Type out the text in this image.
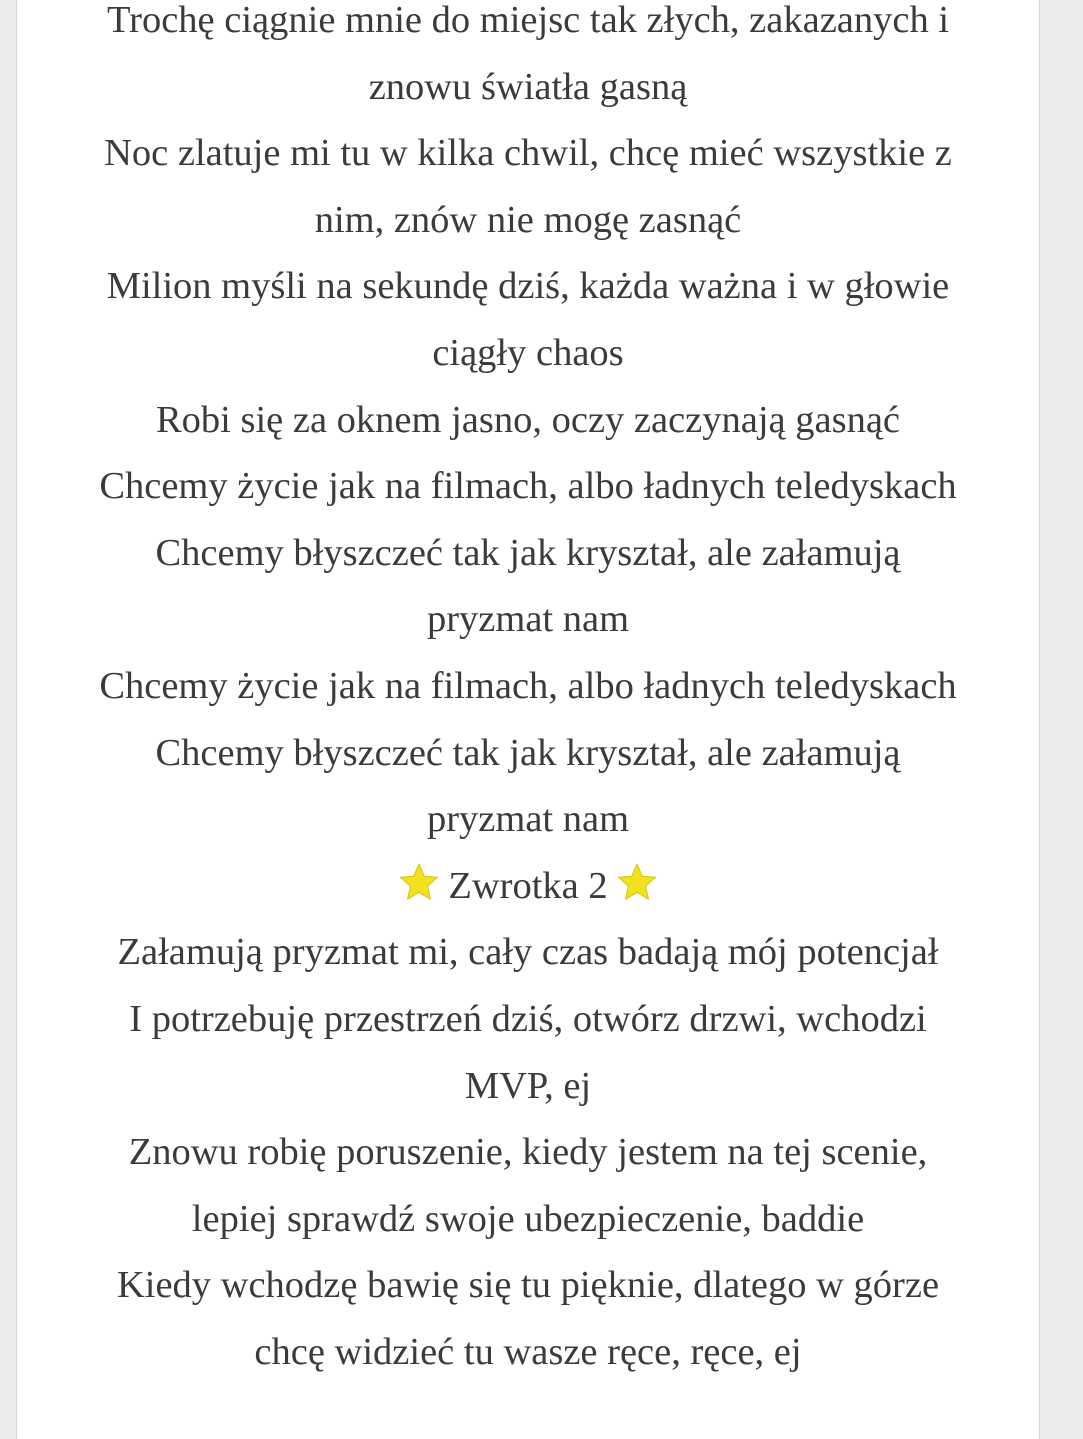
Trochę ciągnie mnie do miejsc tak złych, zakazanych i
znowu światła gasną
Noc zlatuje mi tu w kilka chwil, chcę mieć wszystkie z
nim, znów nie mogę zasnąć
Milion myśli na sekundę dziś, każda ważna i w głowie
ciągły chaos
Robi się za oknem jasno, oczy zaczynają gasnąć
Chcemy życie jak na filmach, albo ładnych teledyskach
Chcemy błyszczeć tak jak kryształ, ale załamują
pryzmat nam
Chcemy życie jak na filmach, albo ładnych teledyskach
Chcemy błyszczeć tak jak kryształ, ale załamują
pryzmat nam
Zwrotka 2
Załamują pryzmat mi, cały czas badają mój potencjał
I potrzebuję przestrzeń dziś, otwórz drzwi, wchodzi
MVP, ej
Znowu robię poruszenie, kiedy jestem na tej scenie,
lepiej sprawdź swoje ubezpieczenie, baddie
Kiedy wchodzę bawię się tu pięknie, dlatego w górze
chcę widzieć tu wasze ręce, ręce, ej
